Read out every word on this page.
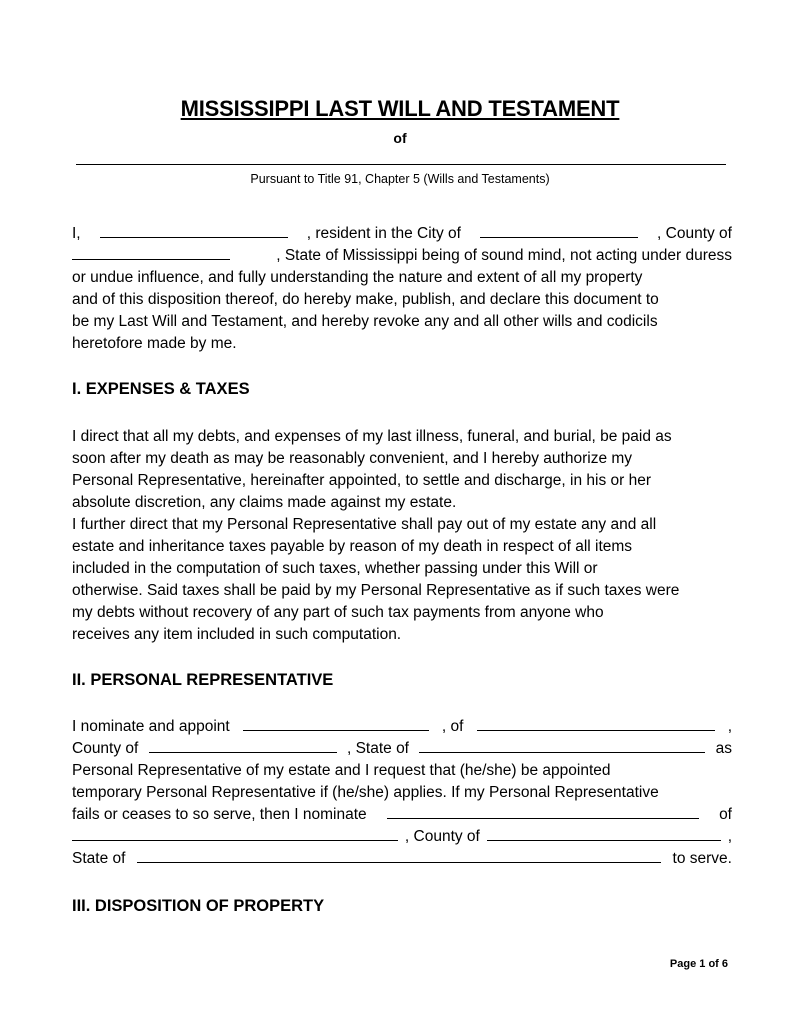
MISSISSIPPI LAST WILL AND TESTAMENT
of
Pursuant to Title 91, Chapter 5 (Wills and Testaments)
I,	, resident in the City of	, County of
, State of Mississippi being of sound mind, not acting under duress
or undue influence, and fully understanding the nature and extent of all my property
and of this disposition thereof, do hereby make, publish, and declare this document to
be my Last Will and Testament, and hereby revoke any and all other wills and codicils
heretofore made by me.
I. EXPENSES & TAXES
I direct that all my debts, and expenses of my last illness, funeral, and burial, be paid as
soon after my death as may be reasonably convenient, and I hereby authorize my
Personal Representative, hereinafter appointed, to settle and discharge, in his or her
absolute discretion, any claims made against my estate.
I further direct that my Personal Representative shall pay out of my estate any and all
estate and inheritance taxes payable by reason of my death in respect of all items
included in the computation of such taxes, whether passing under this Will or
otherwise. Said taxes shall be paid by my Personal Representative as if such taxes were
my debts without recovery of any part of such tax payments from anyone who
receives any item included in such computation.
II. PERSONAL REPRESENTATIVE
I nominate and appoint	, of	,
County of	, State of	as
Personal Representative of my estate and I request that (he/she) be appointed
temporary Personal Representative if (he/she) applies. If my Personal Representative
fails or ceases to so serve, then I nominate	of
, County of	,
State of	to serve.
III. DISPOSITION OF PROPERTY
Page 1 of 6
